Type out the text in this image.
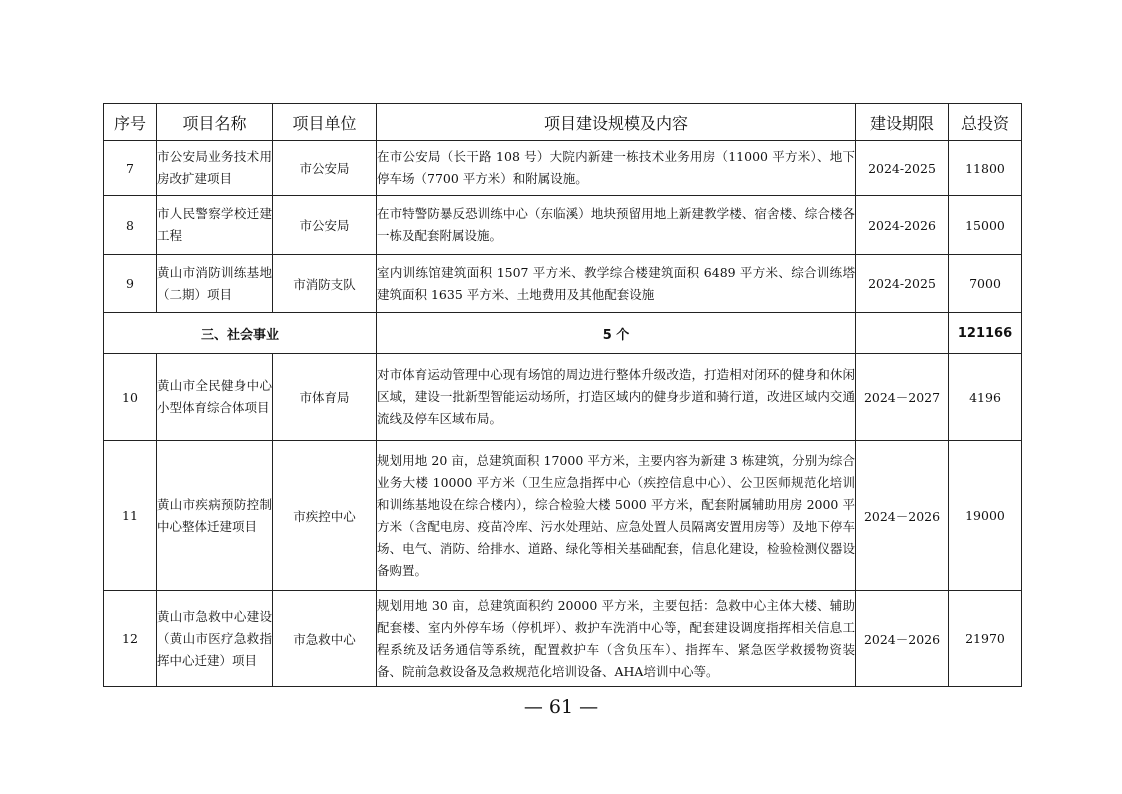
序号	项目名称	项目单位	项目建设规模及内容	建设期限	总投资
7	市公安局业务技术用房改扩建项目	市公安局	在市公安局（长干路 108 号）大院内新建一栋技术业务用房（11000 平方米）、地下停车场（7700 平方米）和附属设施。	2024-2025	11800
8	市人民警察学校迁建工程	市公安局	在市特警防暴反恐训练中心（东临溪）地块预留用地上新建教学楼、宿舍楼、综合楼各一栋及配套附属设施。	2024-2026	15000
9	黄山市消防训练基地（二期）项目	市消防支队	室内训练馆建筑面积 1507 平方米、教学综合楼建筑面积 6489 平方米、综合训练塔建筑面积 1635 平方米、土地费用及其他配套设施	2024-2025	7000
三、社会事业			5 个		121166
10	黄山市全民健身中心小型体育综合体项目	市体育局	对市体育运动管理中心现有场馆的周边进行整体升级改造，打造相对闭环的健身和休闲区域，建设一批新型智能运动场所，打造区域内的健身步道和骑行道，改进区域内交通流线及停车区域布局。	2024－2027	4196
11	黄山市疾病预防控制中心整体迁建项目	市疾控中心	规划用地 20 亩，总建筑面积 17000 平方米，主要内容为新建 3 栋建筑，分别为综合业务大楼 10000 平方米（卫生应急指挥中心（疾控信息中心）、公卫医师规范化培训和训练基地设在综合楼内），综合检验大楼 5000 平方米，配套附属辅助用房 2000 平方米（含配电房、疫苗冷库、污水处理站、应急处置人员隔离安置用房等）及地下停车场、电气、消防、给排水、道路、绿化等相关基础配套，信息化建设，检验检测仪器设备购置。	2024－2026	19000
12	黄山市急救中心建设（黄山市医疗急救指挥中心迁建）项目	市急救中心	规划用地 30 亩，总建筑面积约 20000 平方米，主要包括：急救中心主体大楼、辅助配套楼、室内外停车场（停机坪）、救护车洗消中心等，配套建设调度指挥相关信息工程系统及话务通信等系统，配置救护车（含负压车）、指挥车、紧急医学救援物资装备、院前急救设备及急救规范化培训设备、AHA培训中心等。	2024－2026	21970
— 61 —
